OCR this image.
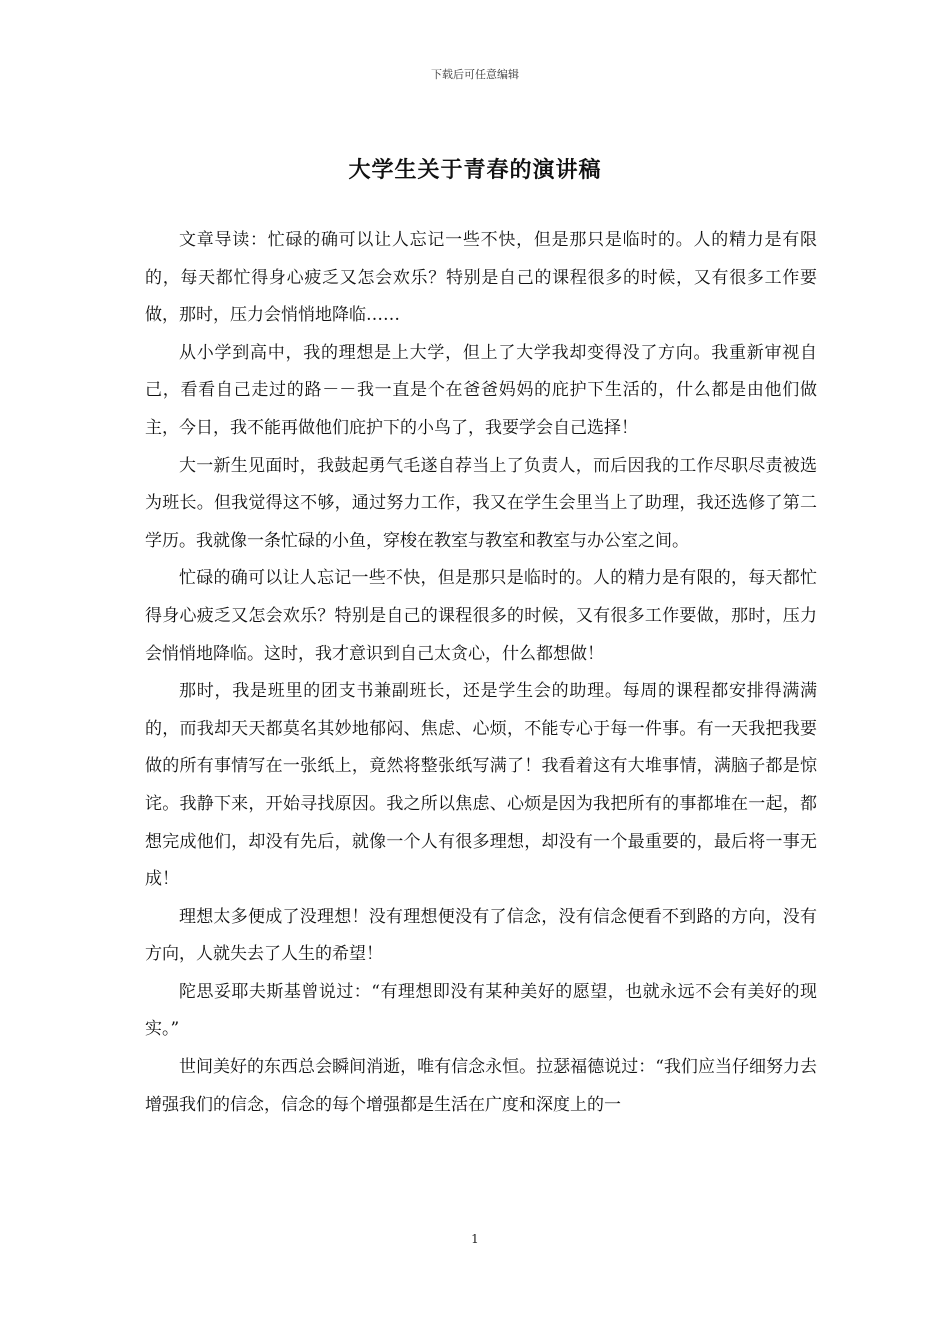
下载后可任意编辑
大学生关于青春的演讲稿

文章导读：忙碌的确可以让人忘记一些不快，但是那只是临时的。人的精力是有限的，每天都忙得身心疲乏又怎会欢乐？特别是自己的课程很多的时候，又有很多工作要做，那时，压力会悄悄地降临……

从小学到高中，我的理想是上大学，但上了大学我却变得没了方向。我重新审视自己，看看自己走过的路－－我一直是个在爸爸妈妈的庇护下生活的，什么都是由他们做主，今日，我不能再做他们庇护下的小鸟了，我要学会自己选择！

大一新生见面时，我鼓起勇气毛遂自荐当上了负责人，而后因我的工作尽职尽责被选为班长。但我觉得这不够，通过努力工作，我又在学生会里当上了助理，我还选修了第二学历。我就像一条忙碌的小鱼，穿梭在教室与教室和教室与办公室之间。

忙碌的确可以让人忘记一些不快，但是那只是临时的。人的精力是有限的，每天都忙得身心疲乏又怎会欢乐？特别是自己的课程很多的时候，又有很多工作要做，那时，压力会悄悄地降临。这时，我才意识到自己太贪心，什么都想做！

那时，我是班里的团支书兼副班长，还是学生会的助理。每周的课程都安排得满满的，而我却天天都莫名其妙地郁闷、焦虑、心烦，不能专心于每一件事。有一天我把我要做的所有事情写在一张纸上，竟然将整张纸写满了！我看着这有大堆事情，满脑子都是惊诧。我静下来，开始寻找原因。我之所以焦虑、心烦是因为我把所有的事都堆在一起，都想完成他们，却没有先后，就像一个人有很多理想，却没有一个最重要的，最后将一事无成！

理想太多便成了没理想！没有理想便没有了信念，没有信念便看不到路的方向，没有方向，人就失去了人生的希望！

陀思妥耶夫斯基曾说过：“有理想即没有某种美好的愿望，也就永远不会有美好的现实。”

世间美好的东西总会瞬间消逝，唯有信念永恒。拉瑟福德说过：“我们应当仔细努力去增强我们的信念，信念的每个增强都是生活在广度和深度上的一

1
